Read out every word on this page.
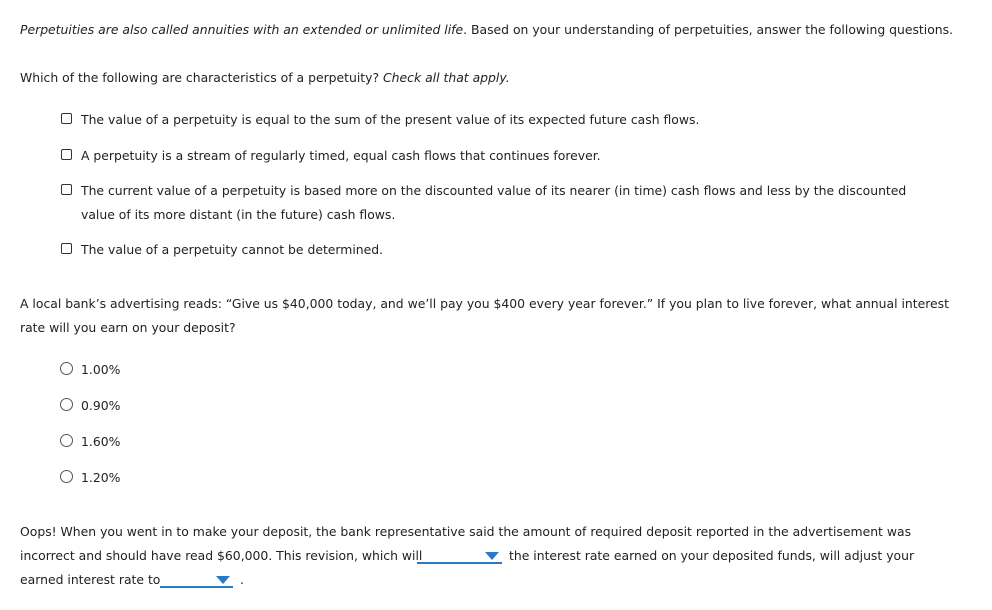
Perpetuities are also called annuities with an extended or unlimited life. Based on your understanding of perpetuities, answer the following questions.
Which of the following are characteristics of a perpetuity? Check all that apply.
The value of a perpetuity is equal to the sum of the present value of its expected future cash flows.
A perpetuity is a stream of regularly timed, equal cash flows that continues forever.
The current value of a perpetuity is based more on the discounted value of its nearer (in time) cash flows and less by the discounted
value of its more distant (in the future) cash flows.
The value of a perpetuity cannot be determined.
A local bank’s advertising reads: “Give us $40,000 today, and we’ll pay you $400 every year forever.” If you plan to live forever, what annual interest
rate will you earn on your deposit?
1.00%
0.90%
1.60%
1.20%
Oops! When you went in to make your deposit, the bank representative said the amount of required deposit reported in the advertisement was
incorrect and should have read $60,000. This revision, which will	the interest rate earned on your deposited funds, will adjust your
earned interest rate to	.
